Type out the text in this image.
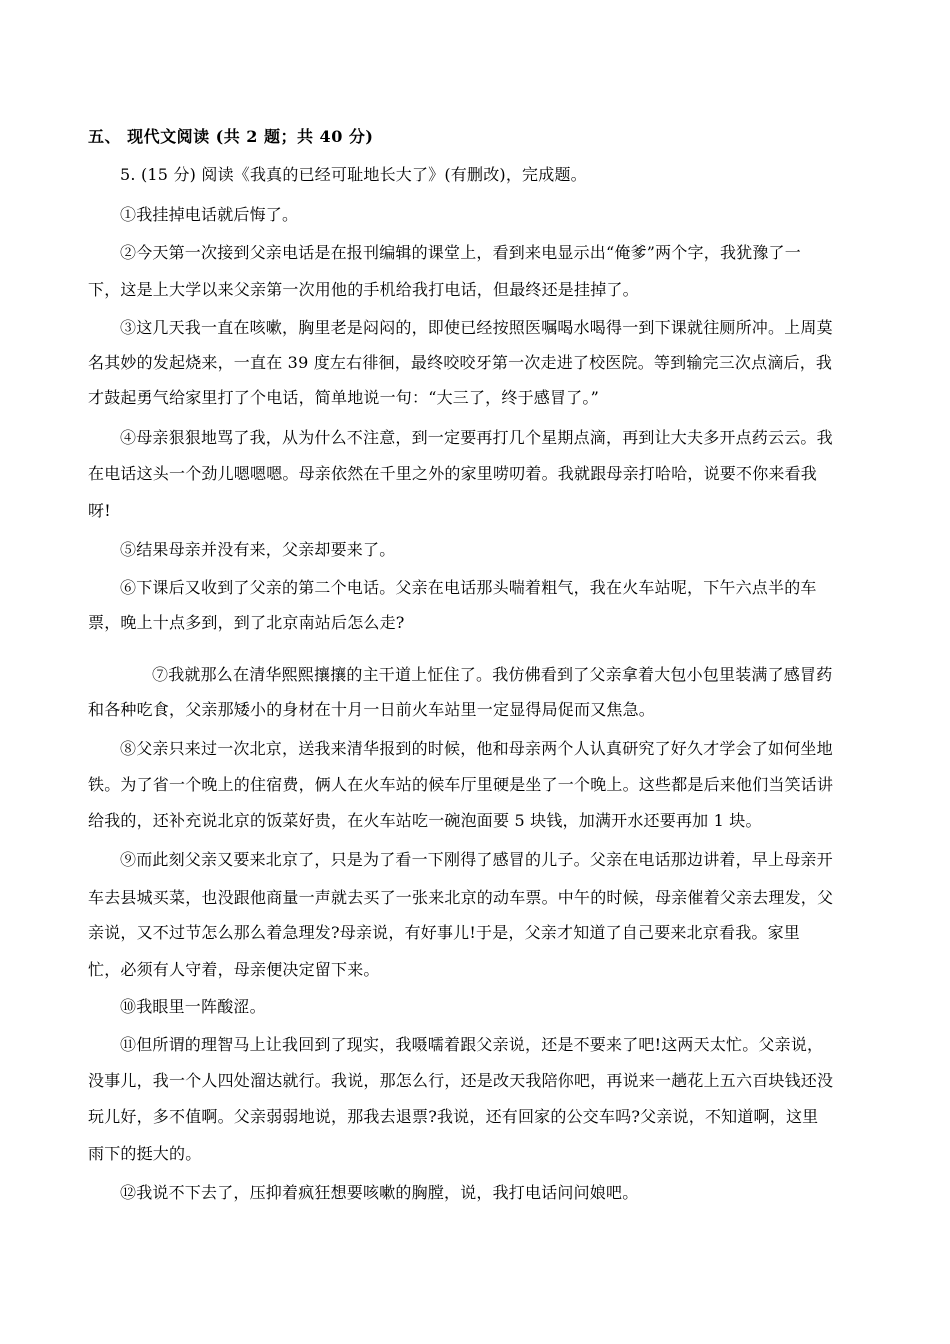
五、 现代文阅读 (共 2 题；共 40 分)
5. (15 分) 阅读《我真的已经可耻地长大了》(有删改)，完成题。
①我挂掉电话就后悔了。
②今天第一次接到父亲电话是在报刊编辑的课堂上，看到来电显示出“俺爹”两个字，我犹豫了一
下，这是上大学以来父亲第一次用他的手机给我打电话，但最终还是挂掉了。
③这几天我一直在咳嗽，胸里老是闷闷的，即使已经按照医嘱喝水喝得一到下课就往厕所冲。上周莫
名其妙的发起烧来，一直在 39 度左右徘徊，最终咬咬牙第一次走进了校医院。等到输完三次点滴后，我
才鼓起勇气给家里打了个电话，简单地说一句：“大三了，终于感冒了。”
④母亲狠狠地骂了我，从为什么不注意，到一定要再打几个星期点滴，再到让大夫多开点药云云。我
在电话这头一个劲儿嗯嗯嗯。母亲依然在千里之外的家里唠叨着。我就跟母亲打哈哈，说要不你来看我
呀!
⑤结果母亲并没有来，父亲却要来了。
⑥下课后又收到了父亲的第二个电话。父亲在电话那头喘着粗气，我在火车站呢，下午六点半的车
票，晚上十点多到，到了北京南站后怎么走?
⑦我就那么在清华熙熙攘攘的主干道上怔住了。我仿佛看到了父亲拿着大包小包里装满了感冒药
和各种吃食，父亲那矮小的身材在十月一日前火车站里一定显得局促而又焦急。
⑧父亲只来过一次北京，送我来清华报到的时候，他和母亲两个人认真研究了好久才学会了如何坐地
铁。为了省一个晚上的住宿费，俩人在火车站的候车厅里硬是坐了一个晚上。这些都是后来他们当笑话讲
给我的，还补充说北京的饭菜好贵，在火车站吃一碗泡面要 5 块钱，加满开水还要再加 1 块。
⑨而此刻父亲又要来北京了，只是为了看一下刚得了感冒的儿子。父亲在电话那边讲着，早上母亲开
车去县城买菜，也没跟他商量一声就去买了一张来北京的动车票。中午的时候，母亲催着父亲去理发，父
亲说，又不过节怎么那么着急理发?母亲说，有好事儿!于是，父亲才知道了自己要来北京看我。家里
忙，必须有人守着，母亲便决定留下来。
⑩我眼里一阵酸涩。
⑪但所谓的理智马上让我回到了现实，我嗫嚅着跟父亲说，还是不要来了吧!这两天太忙。父亲说，
没事儿，我一个人四处溜达就行。我说，那怎么行，还是改天我陪你吧，再说来一趟花上五六百块钱还没
玩儿好，多不值啊。父亲弱弱地说，那我去退票?我说，还有回家的公交车吗?父亲说，不知道啊，这里
雨下的挺大的。
⑫我说不下去了，压抑着疯狂想要咳嗽的胸膛，说，我打电话问问娘吧。
